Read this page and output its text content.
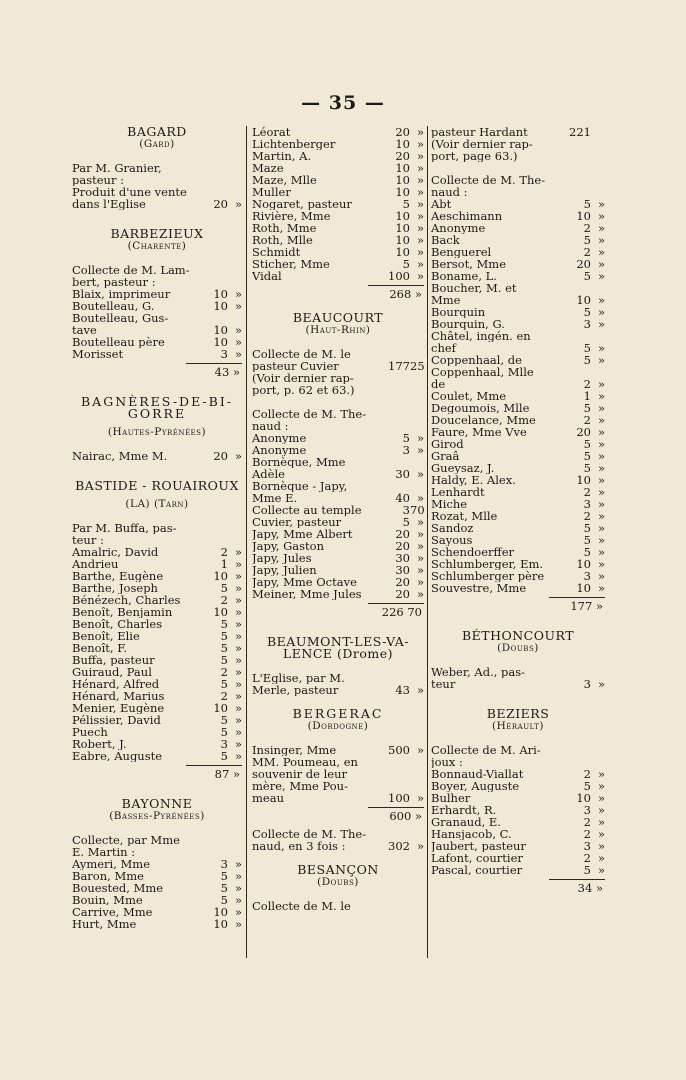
— 35 —
BAGARD
(Gard)
Par M. Granier,
pasteur :
Produit d'une vente
dans l'Eglise	20 »
BARBEZIEUX
(Charente)
Collecte de M. Lam-
bert, pasteur :
Blaix, imprimeur	10 »
Boutelleau, G.	10 »
Boutelleau, Gus-
tave	10 »
Boutelleau père	10 »
Morisset	3 »
43 »
BAGNÈRES-DE-BI-
GORRE
(Hautes-Pyrénées)
Nairac, Mme M.	20 »
BASTIDE - ROUAIROUX
(LA) (Tarn)
Par M. Buffa, pas-
teur :
Amalric, David	2 »
Andrieu	1 »
Barthe, Eugène	10 »
Barthe, Joseph	5 »
Bénézech, Charles	2 »
Benoît, Benjamin	10 »
Benoît, Charles	5 »
Benoît, Elie	5 »
Benoît, F.	5 »
Buffa, pasteur	5 »
Guiraud, Paul	2 »
Hénard, Alfred	5 »
Hénard, Marius	2 »
Menier, Eugène	10 »
Pélissier, David	5 »
Puech	5 »
Robert, J.	3 »
Eabre, Auguste	5 »
87 »
BAYONNE
(Basses-Pyrénées)
Collecte, par Mme
E. Martin :
Aymeri, Mme	3 »
Baron, Mme	5 »
Bouested, Mme	5 »
Bouin, Mme	5 »
Carrive, Mme	10 »
Hurt, Mme	10 »
Léorat	20 »
Lichtenberger	10 »
Martin, A.	20 »
Maze	10 »
Maze, Mlle	10 »
Muller	10 »
Nogaret, pasteur	5 »
Rivière, Mme	10 »
Roth, Mme	10 »
Roth, Mlle	10 »
Schmidt	10 »
Sticher, Mme	5 »
Vidal	100 »
268 »
BEAUCOURT
(Haut-Rhin)
Collecte de M. le
pasteur Cuvier	177 25
(Voir dernier rap-
port, p. 62 et 63.)
Collecte de M. The-
naud :
Anonyme	5 »
Anonyme	3 »
Bornèque, Mme
Adèle	30 »
Bornèque - Japy,
Mme E.	40 »
Collecte au temple	3 70
Cuvier, pasteur	5 »
Japy, Mme Albert	20 »
Japy, Gaston	20 »
Japy, Jules	30 »
Japy, Julien	30 »
Japy, Mme Octave	20 »
Meiner, Mme Jules	20 »
226 70
BEAUMONT-LES-VA-
LENCE (Drome)
L'Eglise, par M.
Merle, pasteur	43 »
BERGERAC
(Dordogne)
Insinger, Mme	500 »
MM. Poumeau, en
souvenir de leur
mère, Mme Pou-
meau	100 »
600 »
Collecte de M. The-
naud, en 3 fois :	302 »
BESANÇON
(Doubs)
Collecte de M. le
pasteur Hardant	221
(Voir dernier rap-
port, page 63.)
Collecte de M. The-
naud :
Abt	5 »
Aeschimann	10 »
Anonyme	2 »
Back	5 »
Benguerel	2 »
Bersot, Mme	20 »
Boname, L.	5 »
Boucher, M. et
Mme	10 »
Bourquin	5 »
Bourquin, G.	3 »
Châtel, ingén. en
chef	5 »
Coppenhaal, de	5 »
Coppenhaal, Mlle
de	2 »
Coulet, Mme	1 »
Degoumois, Mlle	5 »
Doucelance, Mme	2 »
Faure, Mme Vve	20 »
Girod	5 »
Graâ	5 »
Gueysaz, J.	5 »
Haldy, E. Alex.	10 »
Lenhardt	2 »
Miche	3 »
Rozat, Mlle	2 »
Sandoz	5 »
Sayous	5 »
Schendoerffer	5 »
Schlumberger, Em.	10 »
Schlumberger père	3 »
Souvestre, Mme	10 »
177 »
BÉTHONCOURT
(Doubs)
Weber, Ad., pas-
teur	3 »
BEZIERS
(Hérault)
Collecte de M. Ari-
joux :
Bonnaud-Viallat	2 »
Boyer, Auguste	5 »
Bulher	10 »
Erhardt, R.	3 »
Granaud, E.	2 »
Hansjacob, C.	2 »
Jaubert, pasteur	3 »
Lafont, courtier	2 »
Pascal, courtier	5 »
34 »
